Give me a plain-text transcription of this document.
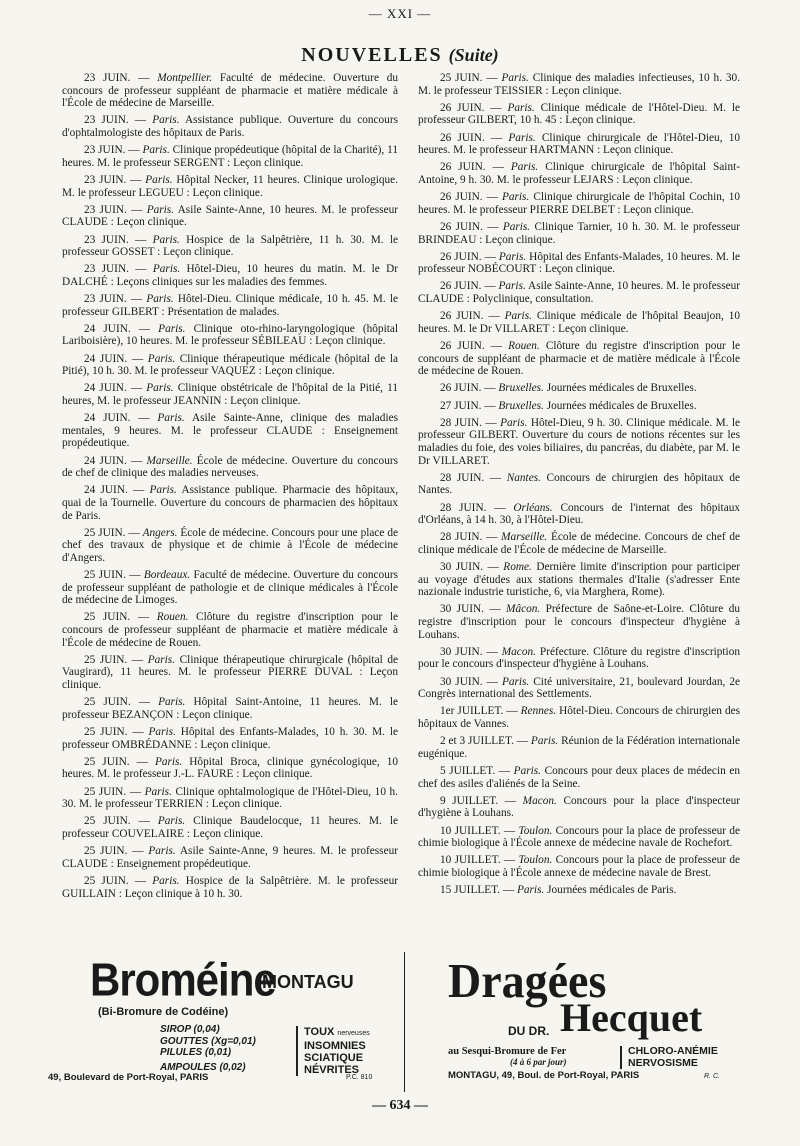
— XXI —
NOUVELLES (Suite)

23 JUIN. — Montpellier. Faculté de médecine. Ouverture du concours de professeur suppléant de pharmacie et matière médicale à l'École de médecine de Marseille.

23 JUIN. — Paris. Assistance publique. Ouverture du concours d'ophtalmologiste des hôpitaux de Paris.

23 JUIN. — Paris. Clinique propédeutique (hôpital de la Charité), 11 heures. M. le professeur SERGENT : Leçon clinique.

23 JUIN. — Paris. Hôpital Necker, 11 heures. Clinique urologique. M. le professeur LEGUEU : Leçon clinique.

23 JUIN. — Paris. Asile Sainte-Anne, 10 heures. M. le professeur CLAUDE : Leçon clinique.

23 JUIN. — Paris. Hospice de la Salpêtrière, 11 h. 30. M. le professeur GOSSET : Leçon clinique.

23 JUIN. — Paris. Hôtel-Dieu, 10 heures du matin. M. le Dr DALCHÉ : Leçons cliniques sur les maladies des femmes.

23 JUIN. — Paris. Hôtel-Dieu. Clinique médicale, 10 h. 45. M. le professeur GILBERT : Présentation de malades.

24 JUIN. — Paris. Clinique oto-rhino-laryngologique (hôpital Lariboisière), 10 heures. M. le professeur SÉBILEAU : Leçon clinique.

24 JUIN. — Paris. Clinique thérapeutique médicale (hôpital de la Pitié), 10 h. 30. M. le professeur VAQUEZ : Leçon clinique.

24 JUIN. — Paris. Clinique obstétricale de l'hôpital de la Pitié, 11 heures, M. le professeur JEANNIN : Leçon clinique.

24 JUIN. — Paris. Asile Sainte-Anne, clinique des maladies mentales, 9 heures. M. le professeur CLAUDE : Enseignement propédeutique.

24 JUIN. — Marseille. École de médecine. Ouverture du concours de chef de clinique des maladies nerveuses.

24 JUIN. — Paris. Assistance publique. Pharmacie des hôpitaux, quai de la Tournelle. Ouverture du concours de pharmacien des hôpitaux de Paris.

25 JUIN. — Angers. École de médecine. Concours pour une place de chef des travaux de physique et de chimie à l'École de médecine d'Angers.

25 JUIN. — Bordeaux. Faculté de médecine. Ouverture du concours de professeur suppléant de pathologie et de clinique médicales à l'École de médecine de Limoges.

25 JUIN. — Rouen. Clôture du registre d'inscription pour le concours de professeur suppléant de pharmacie et matière médicale à l'École de médecine de Rouen.

25 JUIN. — Paris. Clinique thérapeutique chirurgicale (hôpital de Vaugirard), 11 heures. M. le professeur PIERRE DUVAL : Leçon clinique.

25 JUIN. — Paris. Hôpital Saint-Antoine, 11 heures. M. le professeur BEZANÇON : Leçon clinique.

25 JUIN. — Paris. Hôpital des Enfants-Malades, 10 h. 30. M. le professeur OMBRÉDANNE : Leçon clinique.

25 JUIN. — Paris. Hôpital Broca, clinique gynécologique, 10 heures. M. le professeur J.-L. FAURE : Leçon clinique.

25 JUIN. — Paris. Clinique ophtalmologique de l'Hôtel-Dieu, 10 h. 30. M. le professeur TERRIEN : Leçon clinique.

25 JUIN. — Paris. Clinique Baudelocque, 11 heures. M. le professeur COUVELAIRE : Leçon clinique.

25 JUIN. — Paris. Asile Sainte-Anne, 9 heures. M. le professeur CLAUDE : Enseignement propédeutique.

25 JUIN. — Paris. Hospice de la Salpêtrière. M. le professeur GUILLAIN : Leçon clinique à 10 h. 30.

25 JUIN. — Paris. Clinique des maladies infectieuses, 10 h. 30. M. le professeur TEISSIER : Leçon clinique.

26 JUIN. — Paris. Clinique médicale de l'Hôtel-Dieu. M. le professeur GILBERT, 10 h. 45 : Leçon clinique.

26 JUIN. — Paris. Clinique chirurgicale de l'Hôtel-Dieu, 10 heures. M. le professeur HARTMANN : Leçon clinique.

26 JUIN. — Paris. Clinique chirurgicale de l'hôpital Saint-Antoine, 9 h. 30. M. le professeur LEJARS : Leçon clinique.

26 JUIN. — Paris. Clinique chirurgicale de l'hôpital Cochin, 10 heures. M. le professeur PIERRE DELBET : Leçon clinique.

26 JUIN. — Paris. Clinique Tarnier, 10 h. 30. M. le professeur BRINDEAU : Leçon clinique.

26 JUIN. — Paris. Hôpital des Enfants-Malades, 10 heures. M. le professeur NOBÉCOURT : Leçon clinique.

26 JUIN. — Paris. Asile Sainte-Anne, 10 heures. M. le professeur CLAUDE : Polyclinique, consultation.

26 JUIN. — Paris. Clinique médicale de l'hôpital Beaujon, 10 heures. M. le Dr VILLARET : Leçon clinique.

26 JUIN. — Rouen. Clôture du registre d'inscription pour le concours de suppléant de pharmacie et de matière médicale à l'École de médecine de Rouen.

26 JUIN. — Bruxelles. Journées médicales de Bruxelles.

27 JUIN. — Bruxelles. Journées médicales de Bruxelles.

28 JUIN. — Paris. Hôtel-Dieu, 9 h. 30. Clinique médicale. M. le professeur GILBERT. Ouverture du cours de notions récentes sur les maladies du foie, des voies biliaires, du pancréas, du diabète, par M. le Dr VILLARET.

28 JUIN. — Nantes. Concours de chirurgien des hôpitaux de Nantes.

28 JUIN. — Orléans. Concours de l'internat des hôpitaux d'Orléans, à 14 h. 30, à l'Hôtel-Dieu.

28 JUIN. — Marseille. École de médecine. Concours de chef de clinique médicale de l'École de médecine de Marseille.

30 JUIN. — Rome. Dernière limite d'inscription pour participer au voyage d'études aux stations thermales d'Italie (s'adresser Ente nazionale industrie turistiche, 6, via Marghera, Rome).

30 JUIN. — Mâcon. Préfecture de Saône-et-Loire. Clôture du registre d'inscription pour le concours d'inspecteur d'hygiène à Louhans.

30 JUIN. — Macon. Préfecture. Clôture du registre d'inscription pour le concours d'inspecteur d'hygiène à Louhans.

30 JUIN. — Paris. Cité universitaire, 21, boulevard Jourdan, 2e Congrès international des Settlements.

1er JUILLET. — Rennes. Hôtel-Dieu. Concours de chirurgien des hôpitaux de Vannes.

2 et 3 JUILLET. — Paris. Réunion de la Fédération internationale eugénique.

5 JUILLET. — Paris. Concours pour deux places de médecin en chef des asiles d'aliénés de la Seine.

9 JUILLET. — Macon. Concours pour la place d'inspecteur d'hygiène à Louhans.

10 JUILLET. — Toulon. Concours pour la place de professeur de chimie biologique à l'École annexe de médecine navale de Rochefort.

10 JUILLET. — Toulon. Concours pour la place de professeur de chimie biologique à l'École annexe de médecine navale de Brest.

15 JUILLET. — Paris. Journées médicales de Paris.

Broméine
MONTAGU
(Bi-Bromure de Codéine)
SIROP (0,04)
GOUTTES (Xg=0,01)
PILULES (0,01)
AMPOULES (0,02)
TOUX nerveuses
INSOMNIES
SCIATIQUE
NÉVRITES
49, Boulevard de Port-Royal, PARIS	P.C. 810
Dragées
DU DR. Hecquet
au Sesqui-Bromure de Fer
(4 à 6 par jour)
CHLORO-ANÉMIE
NERVOSISME
MONTAGU, 49, Boul. de Port-Royal, PARIS	R. C.
— 634 —
